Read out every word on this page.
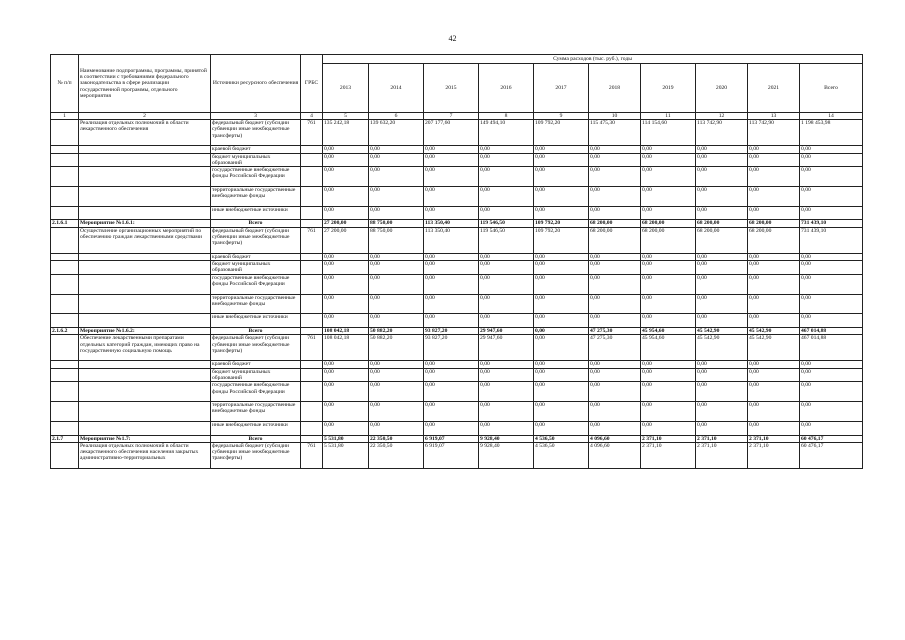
42
№ п/п	Наименование подпрограммы, программы, принятой в соответствии с требованиями федерального законодательства в сфере реализации государственной программы, отдельного мероприятия	Источники ресурсного обеспечения	ГРБС	Сумма расходов (тыс. руб.), годы									
				2013	2014	2015	2016	2017	2018	2019	2020	2021	Всего
1	2	3	4	5	6	7	8	9	10	11	12	13	14
	Реализация отдельных полномочий в области лекарственного обеспечения	федеральный бюджет (субсидии субвенции иные межбюджетные трансферты)	761	135 242,18	139 632,20	207 177,60	149 494,10	109 792,20	115 475,30	114 154,60	113 742,90	113 742,90	1 198 453,98
		краевой бюджет		0,00	0,00	0,00	0,00	0,00	0,00	0,00	0,00	0,00	0,00
		бюджет муниципальных образований		0,00	0,00	0,00	0,00	0,00	0,00	0,00	0,00	0,00	0,00
		государственные внебюджетные фонды Российской Федерации		0,00	0,00	0,00	0,00	0,00	0,00	0,00	0,00	0,00	0,00
		территориальные государственные внебюджетные фонды		0,00	0,00	0,00	0,00	0,00	0,00	0,00	0,00	0,00	0,00
		иные внебюджетные источники		0,00	0,00	0,00	0,00	0,00	0,00	0,00	0,00	0,00	0,00
2.1.6.1	Мероприятие №1.6.1:	Всего		27 200,00	88 750,00	113 350,40	119 546,50	109 792,20	68 200,00	68 200,00	68 200,00	68 200,00	731 439,10
	Осуществление организационных мероприятий по обеспечению граждан лекарственными средствами	федеральный бюджет (субсидии субвенции иные межбюджетные трансферты)	761	27 200,00	88 750,00	113 350,40	119 546,50	109 792,20	68 200,00	68 200,00	68 200,00	68 200,00	731 439,10
		краевой бюджет		0,00	0,00	0,00	0,00	0,00	0,00	0,00	0,00	0,00	0,00
		бюджет муниципальных образований		0,00	0,00	0,00	0,00	0,00	0,00	0,00	0,00	0,00	0,00
		государственные внебюджетные фонды Российской Федерации		0,00	0,00	0,00	0,00	0,00	0,00	0,00	0,00	0,00	0,00
		территориальные государственные внебюджетные фонды		0,00	0,00	0,00	0,00	0,00	0,00	0,00	0,00	0,00	0,00
		иные внебюджетные источники		0,00	0,00	0,00	0,00	0,00	0,00	0,00	0,00	0,00	0,00
2.1.6.2	Мероприятие №1.6.2:	Всего		108 042,18	50 882,20	93 827,20	29 947,60	0,00	47 275,30	45 954,60	45 542,90	45 542,90	467 014,88
	Обеспечение лекарственными препаратами отдельных категорий граждан, имеющих право на государственную социальную помощь	федеральный бюджет (субсидии субвенции иные межбюджетные трансферты)	761	108 042,18	50 882,20	93 827,20	29 947,60	0,00	47 275,30	45 954,60	45 542,90	45 542,90	467 014,88
		краевой бюджет		0,00	0,00	0,00	0,00	0,00	0,00	0,00	0,00	0,00	0,00
		бюджет муниципальных образований		0,00	0,00	0,00	0,00	0,00	0,00	0,00	0,00	0,00	0,00
		государственные внебюджетные фонды Российской Федерации		0,00	0,00	0,00	0,00	0,00	0,00	0,00	0,00	0,00	0,00
		территориальные государственные внебюджетные фонды		0,00	0,00	0,00	0,00	0,00	0,00	0,00	0,00	0,00	0,00
		иные внебюджетные источники		0,00	0,00	0,00	0,00	0,00	0,00	0,00	0,00	0,00	0,00
2.1.7	Мероприятие №1.7:	Всего		5 531,80	22 350,50	6 919,07	9 928,40	4 536,50	4 096,60	2 371,10	2 371,10	2 371,10	60 476,17
	Реализация отдельных полномочий в области лекарственного обеспечения населения закрытых административно-территориальных	федеральный бюджет (субсидии субвенции иные межбюджетные трансферты)	761	5 531,80	22 350,50	6 919,07	9 928,40	4 536,50	4 096,60	2 371,10	2 371,10	2 371,10	60 476,17
